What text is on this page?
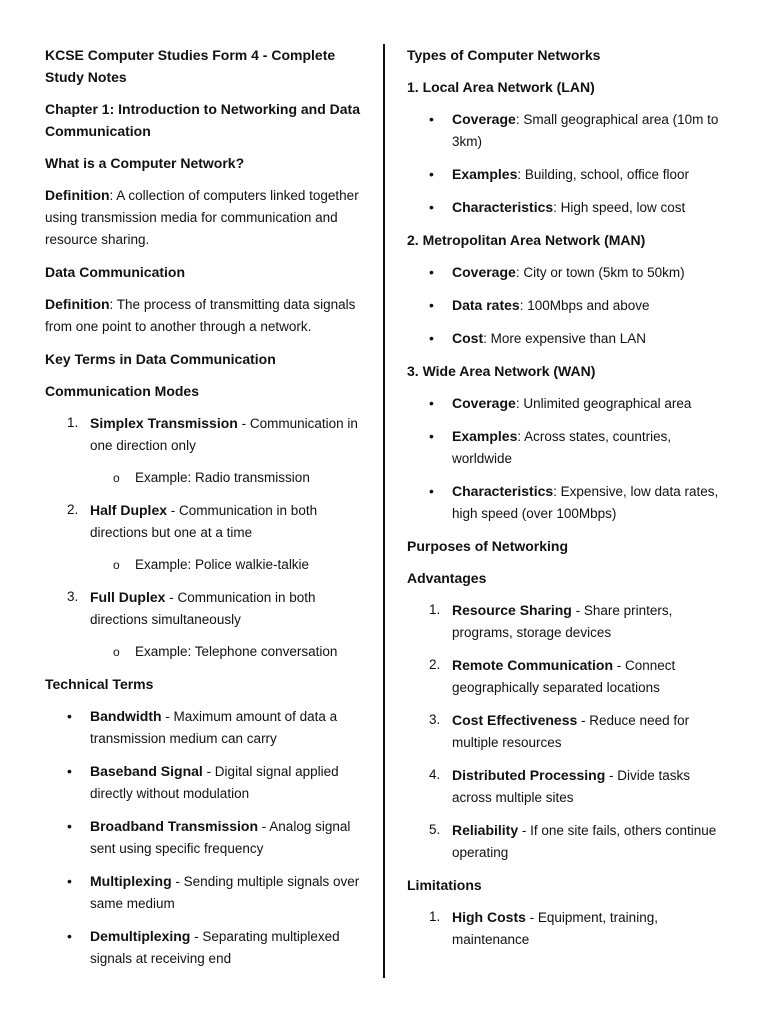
KCSE Computer Studies Form 4 - Complete Study Notes
Chapter 1: Introduction to Networking and Data Communication
What is a Computer Network?
Definition: A collection of computers linked together using transmission media for communication and resource sharing.
Data Communication
Definition: The process of transmitting data signals from one point to another through a network.
Key Terms in Data Communication
Communication Modes
1. Simplex Transmission - Communication in one direction only
o	Example: Radio transmission
2. Half Duplex - Communication in both directions but one at a time
o	Example: Police walkie-talkie
3. Full Duplex - Communication in both directions simultaneously
o	Example: Telephone conversation
Technical Terms
•	Bandwidth - Maximum amount of data a transmission medium can carry
•	Baseband Signal - Digital signal applied directly without modulation
•	Broadband Transmission - Analog signal sent using specific frequency
•	Multiplexing - Sending multiple signals over same medium
•	Demultiplexing - Separating multiplexed signals at receiving end
Types of Computer Networks
1. Local Area Network (LAN)
•	Coverage: Small geographical area (10m to 3km)
•	Examples: Building, school, office floor
•	Characteristics: High speed, low cost
2. Metropolitan Area Network (MAN)
•	Coverage: City or town (5km to 50km)
•	Data rates: 100Mbps and above
•	Cost: More expensive than LAN
3. Wide Area Network (WAN)
•	Coverage: Unlimited geographical area
•	Examples: Across states, countries, worldwide
•	Characteristics: Expensive, low data rates, high speed (over 100Mbps)
Purposes of Networking
Advantages
1. Resource Sharing - Share printers, programs, storage devices
2. Remote Communication - Connect geographically separated locations
3. Cost Effectiveness - Reduce need for multiple resources
4. Distributed Processing - Divide tasks across multiple sites
5. Reliability - If one site fails, others continue operating
Limitations
1. High Costs - Equipment, training, maintenance
